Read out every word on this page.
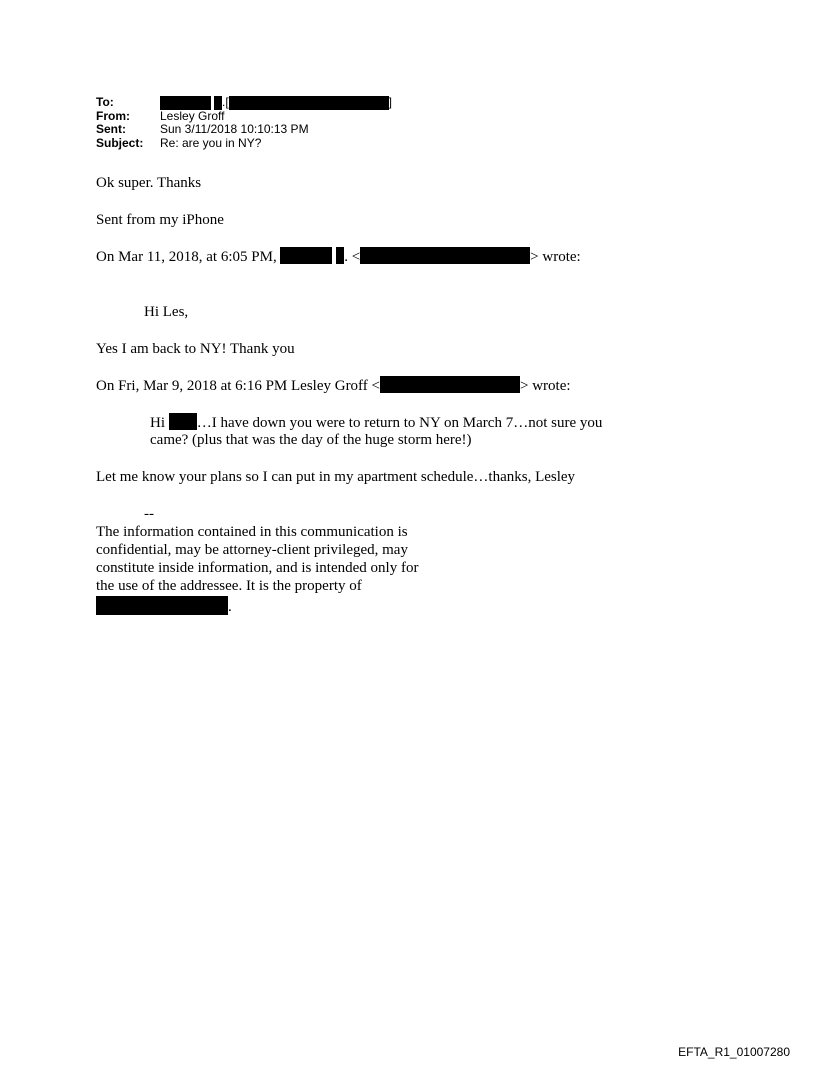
To:	.[	]
From:	Lesley Groff
Sent:	Sun 3/11/2018 10:10:13 PM
Subject:	Re: are you in NY?
Ok super. Thanks
Sent from my iPhone
On Mar 11, 2018, at 6:05 PM,	. <	> wrote:
Hi Les,
Yes I am back to NY! Thank you
On Fri, Mar 9, 2018 at 6:16 PM Lesley Groff <	> wrote:
Hi …I have down you were to return to NY on March 7…not sure you
came? (plus that was the day of the huge storm here!)
Let me know your plans so I can put in my apartment schedule…thanks, Lesley
--
The information contained in this communication is
confidential, may be attorney-client privileged, may
constitute inside information, and is intended only for
the use of the addressee. It is the property of
.
EFTA_R1_01007280
